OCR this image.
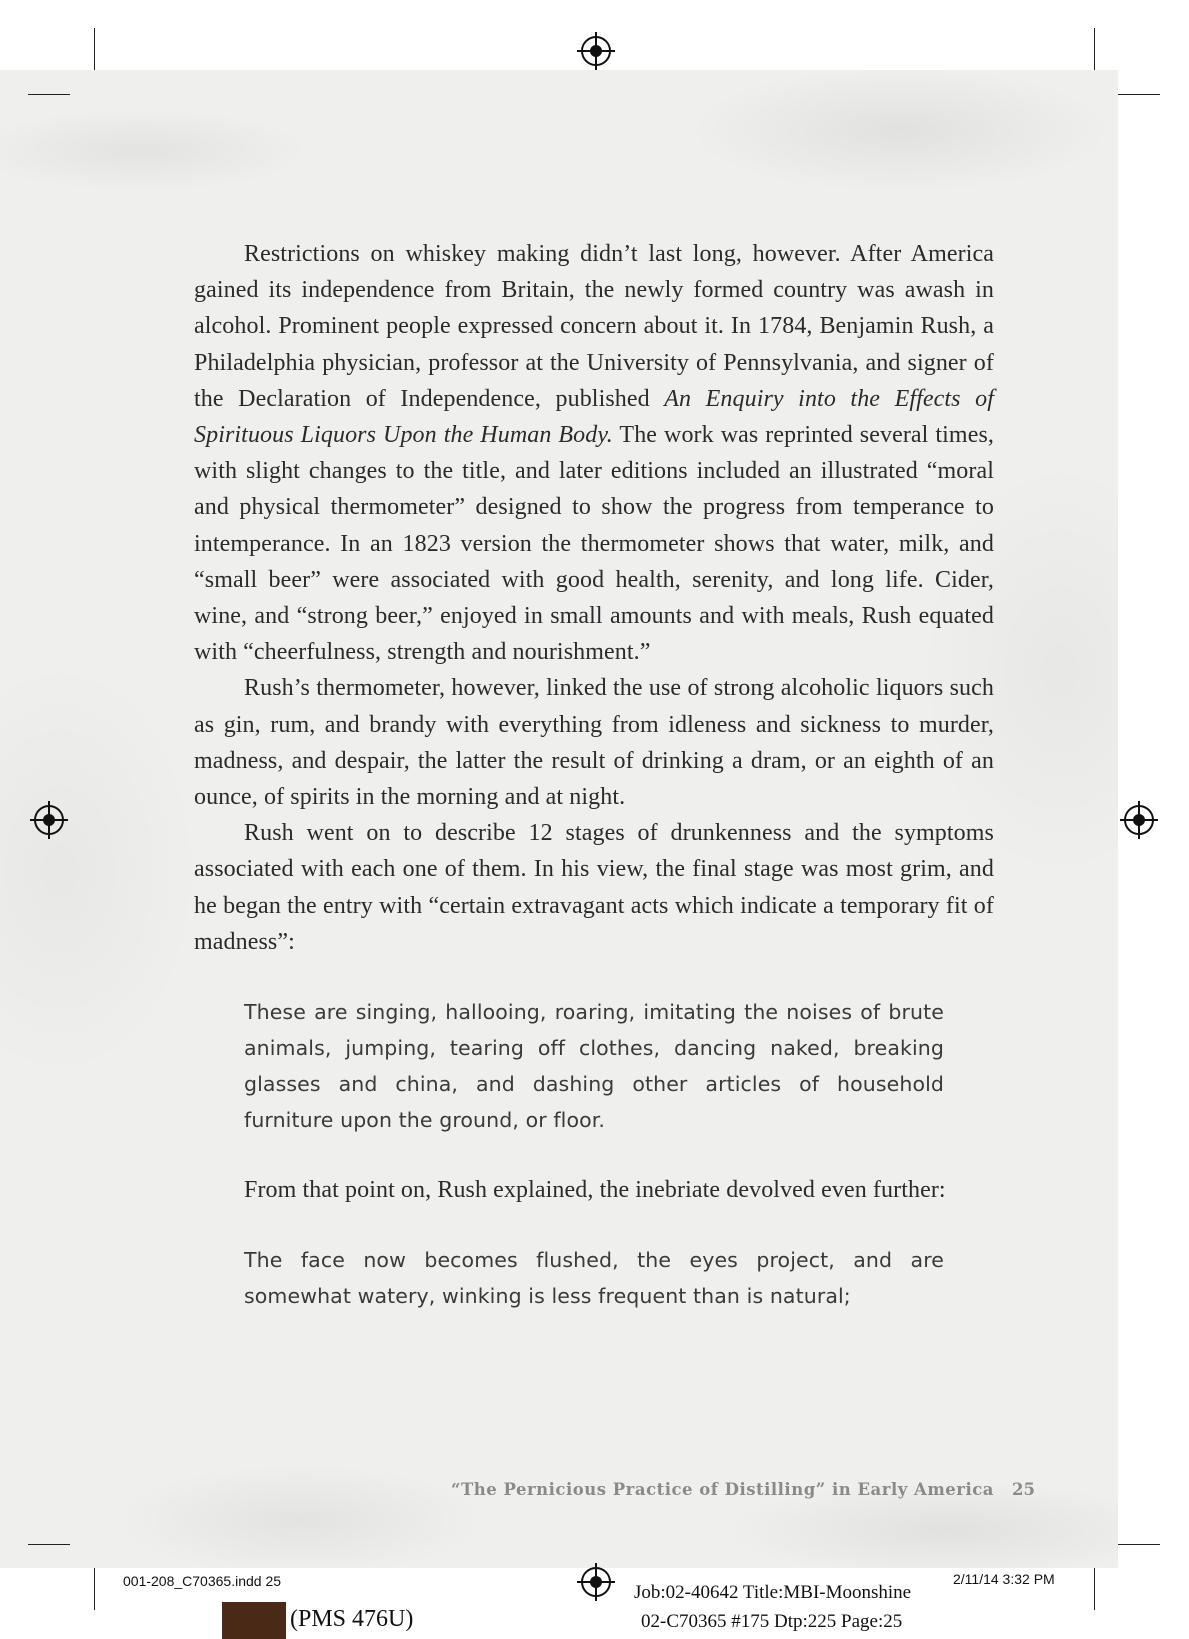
Restrictions on whiskey making didn’t last long, however. After America gained its independence from Britain, the newly formed country was awash in alcohol. Prominent people expressed concern about it. In 1784, Benjamin Rush, a Philadelphia physician, professor at the University of Pennsylvania, and signer of the Declaration of Independence, published An Enquiry into the Effects of Spirituous Liquors Upon the Human Body. The work was reprinted several times, with slight changes to the title, and later editions included an illustrated “moral and physical thermometer” designed to show the progress from temperance to intemperance. In an 1823 version the thermometer shows that water, milk, and “small beer” were associated with good health, serenity, and long life. Cider, wine, and “strong beer,” enjoyed in small amounts and with meals, Rush equated with “cheerfulness, strength and nourishment.”

Rush’s thermometer, however, linked the use of strong alcoholic liquors such as gin, rum, and brandy with everything from idleness and sickness to murder, madness, and despair, the latter the result of drinking a dram, or an eighth of an ounce, of spirits in the morning and at night.

Rush went on to describe 12 stages of drunkenness and the symptoms associated with each one of them. In his view, the final stage was most grim, and he began the entry with “certain extravagant acts which indicate a temporary fit of madness”:

These are singing, hallooing, roaring, imitating the noises of brute animals, jumping, tearing off clothes, dancing naked, breaking glasses and china, and dashing other articles of household furniture upon the ground, or floor.

From that point on, Rush explained, the inebriate devolved even further:

The face now becomes flushed, the eyes project, and are somewhat watery, winking is less frequent than is natural;
“The Pernicious Practice of Distilling” in Early America 25
001-208_C70365.indd 25
Job:02-40642 Title:MBI-Moonshine
2/11/14 3:32 PM
02-C70365 #175 Dtp:225 Page:25
(PMS 476U)
